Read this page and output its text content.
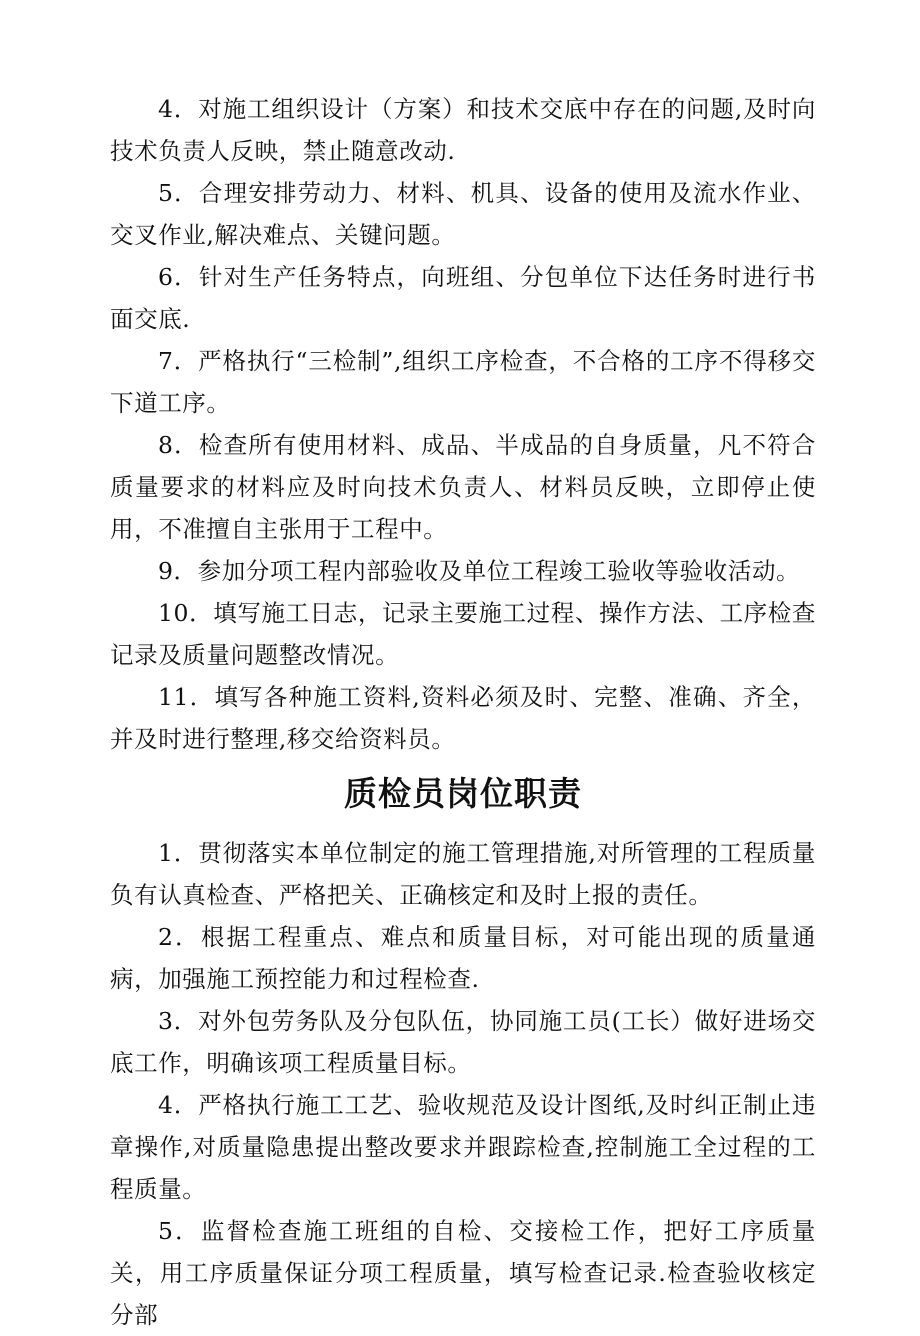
4．对施工组织设计（方案）和技术交底中存在的问题,及时向技术负责人反映，禁止随意改动.

5．合理安排劳动力、材料、机具、设备的使用及流水作业、交叉作业,解决难点、关键问题。

6．针对生产任务特点，向班组、分包单位下达任务时进行书面交底.

7．严格执行“三检制”,组织工序检查，不合格的工序不得移交下道工序。

8．检查所有使用材料、成品、半成品的自身质量，凡不符合质量要求的材料应及时向技术负责人、材料员反映，立即停止使用，不准擅自主张用于工程中。

9．参加分项工程内部验收及单位工程竣工验收等验收活动。

10．填写施工日志，记录主要施工过程、操作方法、工序检查记录及质量问题整改情况。

11．填写各种施工资料,资料必须及时、完整、准确、齐全，并及时进行整理,移交给资料员。

质检员岗位职责

1．贯彻落实本单位制定的施工管理措施,对所管理的工程质量负有认真检查、严格把关、正确核定和及时上报的责任。

2．根据工程重点、难点和质量目标，对可能出现的质量通病，加强施工预控能力和过程检查.

3．对外包劳务队及分包队伍，协同施工员(工长）做好进场交底工作，明确该项工程质量目标。

4．严格执行施工工艺、验收规范及设计图纸,及时纠正制止违章操作,对质量隐患提出整改要求并跟踪检查,控制施工全过程的工程质量。

5．监督检查施工班组的自检、交接检工作，把好工序质量关，用工序质量保证分项工程质量，填写检查记录.检查验收核定分部
